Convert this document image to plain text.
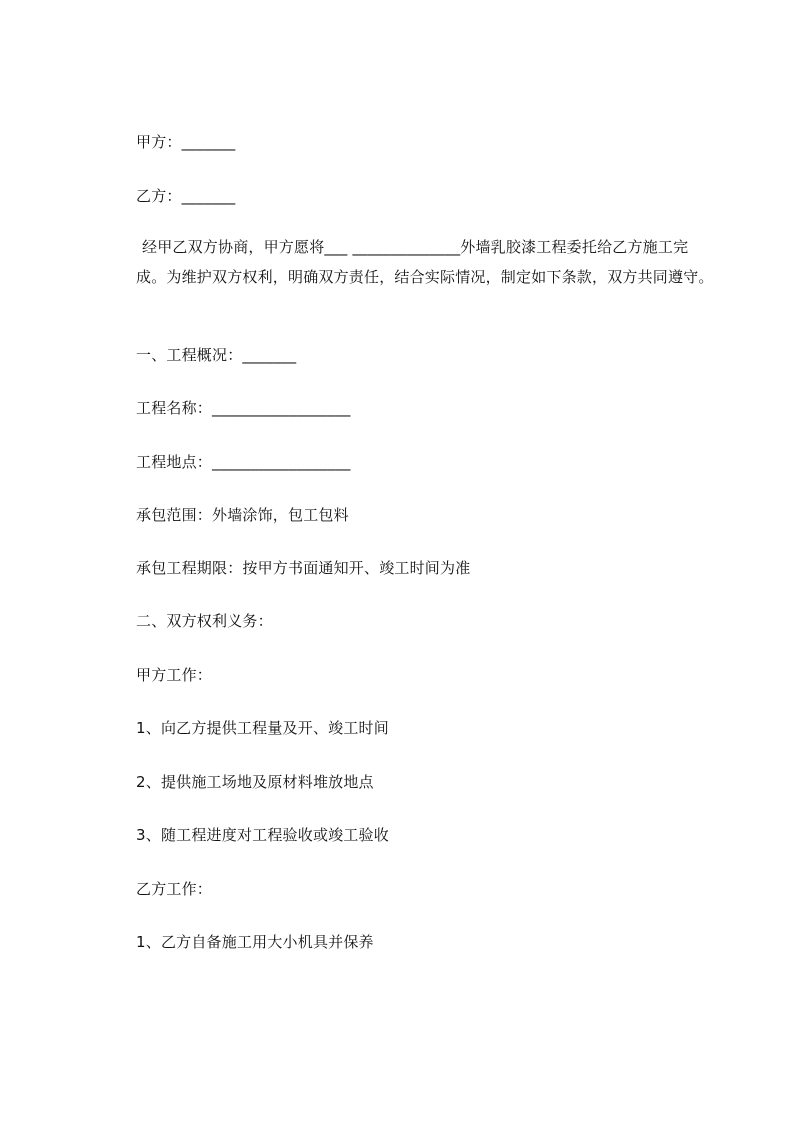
甲方：_______
乙方：_______
经甲乙双方协商，甲方愿将___ ______________外墙乳胶漆工程委托给乙方施工完成。为维护双方权利，明确双方责任，结合实际情况，制定如下条款，双方共同遵守。
一、工程概况：_______
工程名称：__________________
工程地点：__________________
承包范围：外墙涂饰，包工包料
承包工程期限：按甲方书面通知开、竣工时间为准
二、双方权利义务：
甲方工作：
1、向乙方提供工程量及开、竣工时间
2、提供施工场地及原材料堆放地点
3、随工程进度对工程验收或竣工验收
乙方工作：
1、乙方自备施工用大小机具并保养
